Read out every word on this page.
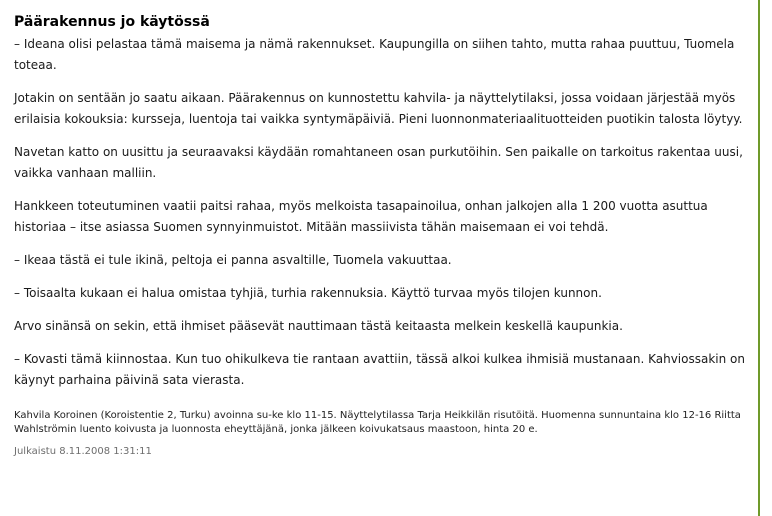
Päärakennus jo käytössä

– Ideana olisi pelastaa tämä maisema ja nämä rakennukset. Kaupungilla on siihen tahto, mutta rahaa puuttuu, Tuomela toteaa.

Jotakin on sentään jo saatu aikaan. Päärakennus on kunnostettu kahvila- ja näyttelytilaksi, jossa voidaan järjestää myös erilaisia kokouksia: kursseja, luentoja tai vaikka syntymäpäiviä. Pieni luonnonmateriaalituotteiden puotikin talosta löytyy.

Navetan katto on uusittu ja seuraavaksi käydään romahtaneen osan purkutöihin. Sen paikalle on tarkoitus rakentaa uusi, vaikka vanhaan malliin.

Hankkeen toteutuminen vaatii paitsi rahaa, myös melkoista tasapainoilua, onhan jalkojen alla 1 200 vuotta asuttua historiaa – itse asiassa Suomen synnyinmuistot. Mitään massiivista tähän maisemaan ei voi tehdä.

– Ikeaa tästä ei tule ikinä, peltoja ei panna asvaltille, Tuomela vakuuttaa.

– Toisaalta kukaan ei halua omistaa tyhjiä, turhia rakennuksia. Käyttö turvaa myös tilojen kunnon.

Arvo sinänsä on sekin, että ihmiset pääsevät nauttimaan tästä keitaasta melkein keskellä kaupunkia.

– Kovasti tämä kiinnostaa. Kun tuo ohikulkeva tie rantaan avattiin, tässä alkoi kulkea ihmisiä mustanaan. Kahviossakin on käynyt parhaina päivinä sata vierasta.

Kahvila Koroinen (Koroistentie 2, Turku) avoinna su-ke klo 11-15. Näyttelytilassa Tarja Heikkilän risutöitä. Huomenna sunnuntaina klo 12-16 Riitta Wahlströmin luento koivusta ja luonnosta eheyttäjänä, jonka jälkeen koivukatsaus maastoon, hinta 20 e.

Julkaistu 8.11.2008 1:31:11
